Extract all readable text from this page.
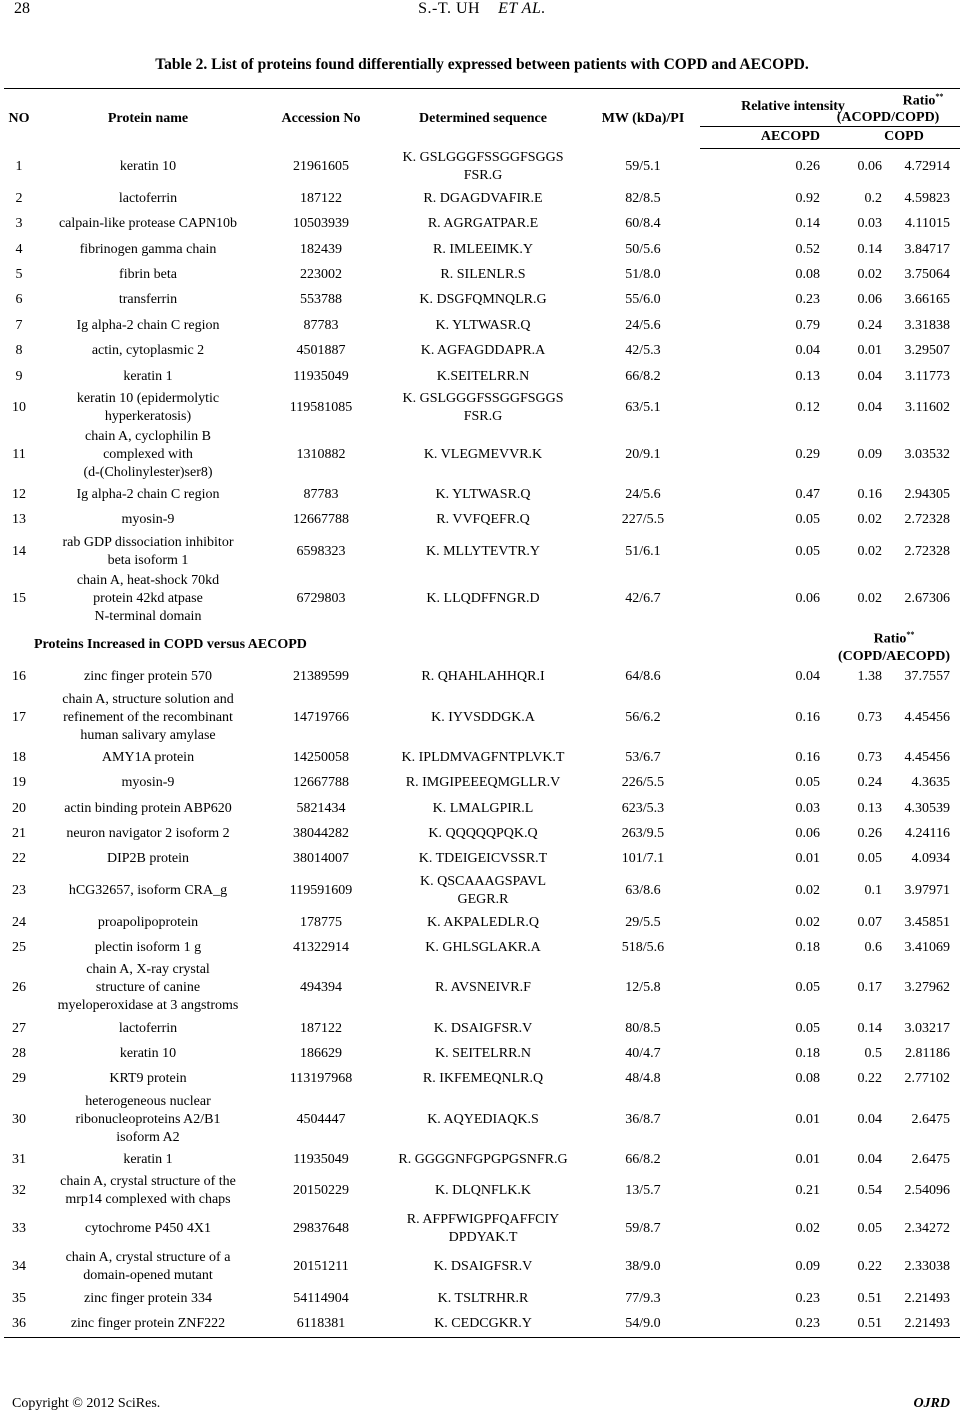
28	S.-T. UH ET AL.
Table 2. List of proteins found differentially expressed between patients with COPD and AECOPD.
NO	Protein name	Accession No	Determined sequence	MW (kDa)/PI	Relative intensity		Ratio**
(ACOPD/COPD)

					AECOPD	COPD	
1	keratin 10	21961605	K. GSLGGGFSSGGFSGGS
FSR.G	59/5.1	0.26	0.06	4.72914
2	lactoferrin	187122	R. DGAGDVAFIR.E	82/8.5	0.92	0.2	4.59823
3	calpain-like protease CAPN10b	10503939	R. AGRGATPAR.E	60/8.4	0.14	0.03	4.11015
4	fibrinogen gamma chain	182439	R. IMLEEIMK.Y	50/5.6	0.52	0.14	3.84717
5	fibrin beta	223002	R. SILENLR.S	51/8.0	0.08	0.02	3.75064
6	transferrin	553788	K. DSGFQMNQLR.G	55/6.0	0.23	0.06	3.66165
7	Ig alpha-2 chain C region	87783	K. YLTWASR.Q	24/5.6	0.79	0.24	3.31838
8	actin, cytoplasmic 2	4501887	K. AGFAGDDAPR.A	42/5.3	0.04	0.01	3.29507
9	keratin 1	11935049	K.SEITELRR.N	66/8.2	0.13	0.04	3.11773
10	keratin 10 (epidermolytic
hyperkeratosis)	119581085	K. GSLGGGFSSGGFSGGS
FSR.G	63/5.1	0.12	0.04	3.11602
11	chain A, cyclophilin B
complexed with
(d-(Cholinylester)ser8)	1310882	K. VLEGMEVVR.K	20/9.1	0.29	0.09	3.03532
12	Ig alpha-2 chain C region	87783	K. YLTWASR.Q	24/5.6	0.47	0.16	2.94305
13	myosin-9	12667788	R. VVFQEFR.Q	227/5.5	0.05	0.02	2.72328
14	rab GDP dissociation inhibitor
beta isoform 1	6598323	K. MLLYTEVTR.Y	51/6.1	0.05	0.02	2.72328
15	chain A, heat-shock 70kd
protein 42kd atpase
N-terminal domain	6729803	K. LLQDFFNGR.D	42/6.7	0.06	0.02	2.67306
Proteins Increased in COPD versus AECOPD						Ratio**
(COPD/AECOPD)	

16	zinc finger protein 570	21389599	R. QHAHLAHHQR.I	64/8.6	0.04	1.38	37.7557
17	chain A, structure solution and
refinement of the recombinant
human salivary amylase	14719766	K. IYVSDDGK.A	56/6.2	0.16	0.73	4.45456
18	AMY1A protein	14250058	K. IPLDMVAGFNTPLVK.T	53/6.7	0.16	0.73	4.45456
19	myosin-9	12667788	R. IMGIPEEEQMGLLR.V	226/5.5	0.05	0.24	4.3635
20	actin binding protein ABP620	5821434	K. LMALGPIR.L	623/5.3	0.03	0.13	4.30539
21	neuron navigator 2 isoform 2	38044282	K. QQQQQPQK.Q	263/9.5	0.06	0.26	4.24116
22	DIP2B protein	38014007	K. TDEIGEICVSSR.T	101/7.1	0.01	0.05	4.0934
23	hCG32657, isoform CRA_g	119591609	K. QSCAAAGSPAVL
GEGR.R	63/8.6	0.02	0.1	3.97971
24	proapolipoprotein	178775	K. AKPALEDLR.Q	29/5.5	0.02	0.07	3.45851
25	plectin isoform 1 g	41322914	K. GHLSGLAKR.A	518/5.6	0.18	0.6	3.41069
26	chain A, X-ray crystal
structure of canine
myeloperoxidase at 3 angstroms	494394	R. AVSNEIVR.F	12/5.8	0.05	0.17	3.27962
27	lactoferrin	187122	K. DSAIGFSR.V	80/8.5	0.05	0.14	3.03217
28	keratin 10	186629	K. SEITELRR.N	40/4.7	0.18	0.5	2.81186
29	KRT9 protein	113197968	R. IKFEMEQNLR.Q	48/4.8	0.08	0.22	2.77102
30	heterogeneous nuclear
ribonucleoproteins A2/B1
isoform A2	4504447	K. AQYEDIAQK.S	36/8.7	0.01	0.04	2.6475
31	keratin 1	11935049	R. GGGGNFGPGPGSNFR.G	66/8.2	0.01	0.04	2.6475
32	chain A, crystal structure of the
mrp14 complexed with chaps	20150229	K. DLQNFLK.K	13/5.7	0.21	0.54	2.54096
33	cytochrome P450 4X1	29837648	R. AFPFWIGPFQAFFCIY
DPDYAK.T	59/8.7	0.02	0.05	2.34272
34	chain A, crystal structure of a
domain-opened mutant	20151211	K. DSAIGFSR.V	38/9.0	0.09	0.22	2.33038
35	zinc finger protein 334	54114904	K. TSLTRHR.R	77/9.3	0.23	0.51	2.21493
36	zinc finger protein ZNF222	6118381	K. CEDCGKR.Y	54/9.0	0.23	0.51	2.21493
Copyright © 2012 SciRes.	OJRD
